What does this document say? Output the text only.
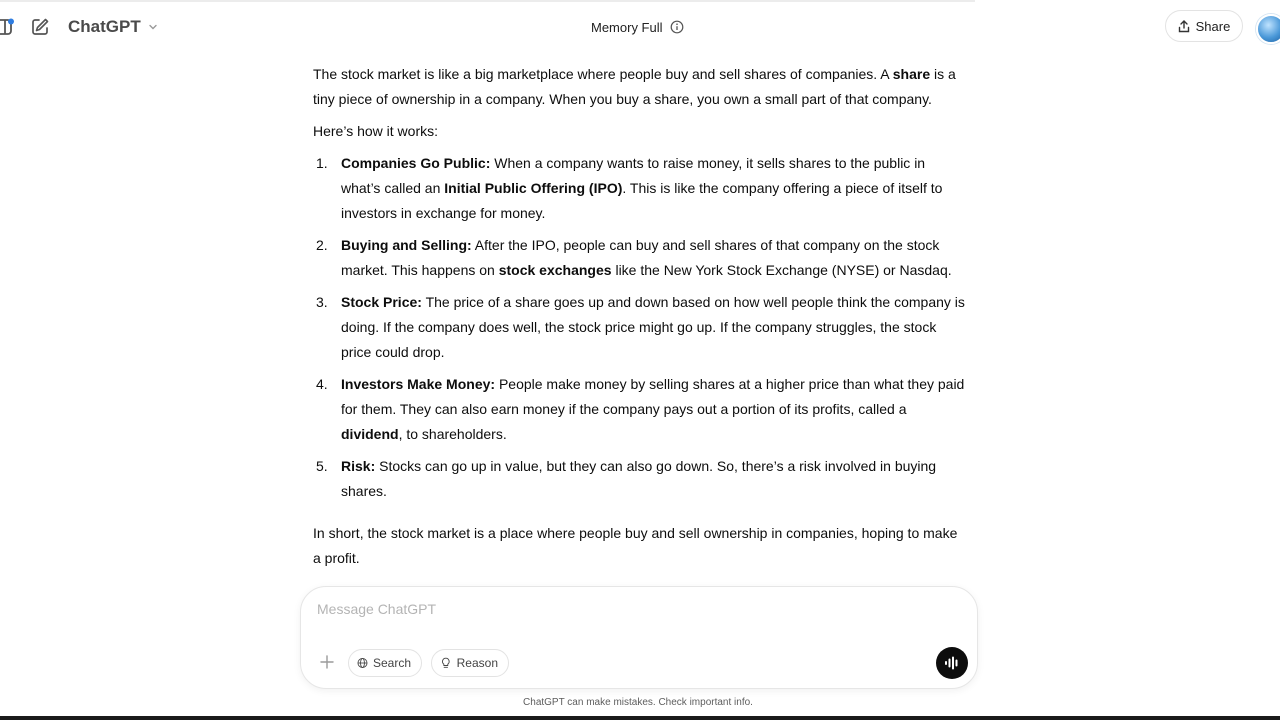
ChatGPT	Memory Full	Share

The stock market is like a big marketplace where people buy and sell shares of companies. A share is a tiny piece of ownership in a company. When you buy a share, you own a small part of that company.

Here’s how it works:

1. Companies Go Public: When a company wants to raise money, it sells shares to the public in what’s called an Initial Public Offering (IPO). This is like the company offering a piece of itself to investors in exchange for money.
2. Buying and Selling: After the IPO, people can buy and sell shares of that company on the stock market. This happens on stock exchanges like the New York Stock Exchange (NYSE) or Nasdaq.
3. Stock Price: The price of a share goes up and down based on how well people think the company is doing. If the company does well, the stock price might go up. If the company struggles, the stock price could drop.
4. Investors Make Money: People make money by selling shares at a higher price than what they paid for them. They can also earn money if the company pays out a portion of its profits, called a dividend, to shareholders.
5. Risk: Stocks can go up in value, but they can also go down. So, there’s a risk involved in buying shares.

In short, the stock market is a place where people buy and sell ownership in companies, hoping to make a profit.

Message ChatGPT
Search	Reason
ChatGPT can make mistakes. Check important info.
